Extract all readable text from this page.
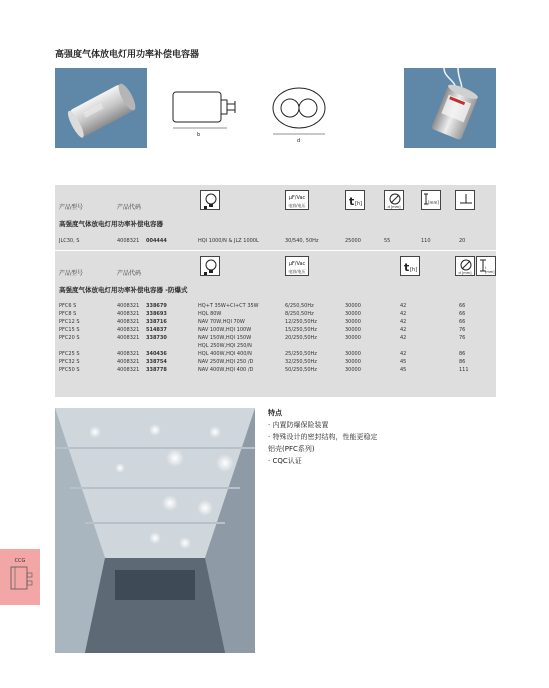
高强度气体放电灯用功率补偿电容器
b
d
产品型号	产品代码
μF/Vac
电容/电压	t [h]	d [mm]
[mm]
高强度气体放电灯用功率补偿电容器
JLC30, S	4008321 004444	HQI 1000/N & JLZ 1000L	30/540, 50Hz	25000	55	110	20
产品型号	产品代码
μF/Vac
电容/电压	t [h]	d [mm]
l [mm]
高强度气体放电灯用功率补偿电容器 -防爆式
PFC6 S	4008321 338679	HQ+T 35W+CI+CT 35W	6/250,50Hz	30000	42	66
PFC8 S	4008321 338693	HQL 80W	8/250,50Hz	30000	42	66
PFC12 S	4008321 338716	NAV 70W,HQI 70W	12/250,50Hz	30000	42	66
PFC15 S	4008321 514837	NAV 100W,HQI 100W	15/250,50Hz	30000	42	76
PFC20 S	4008321 338730	NAV 150W,HQI 150W	20/250,50Hz	30000	42	76
HQL 250W,HQI 250/N
PFC25 S	4008321 340436	HQL 400W,HQI 400/N	25/250,50Hz	30000	42	86
PFC32 S	4008321 338754	NAV 250W,HQI 250 /D	32/250,50Hz	30000	45	86
PFC50 S	4008321 338778	NAV 400W,HQI 400 /D	50/250,50Hz	30000	45	111
特点
· 内置防爆保险装置
· 特殊设计的密封结构，性能更稳定
铝壳(PFC系列)
· CQC认证
CCG
